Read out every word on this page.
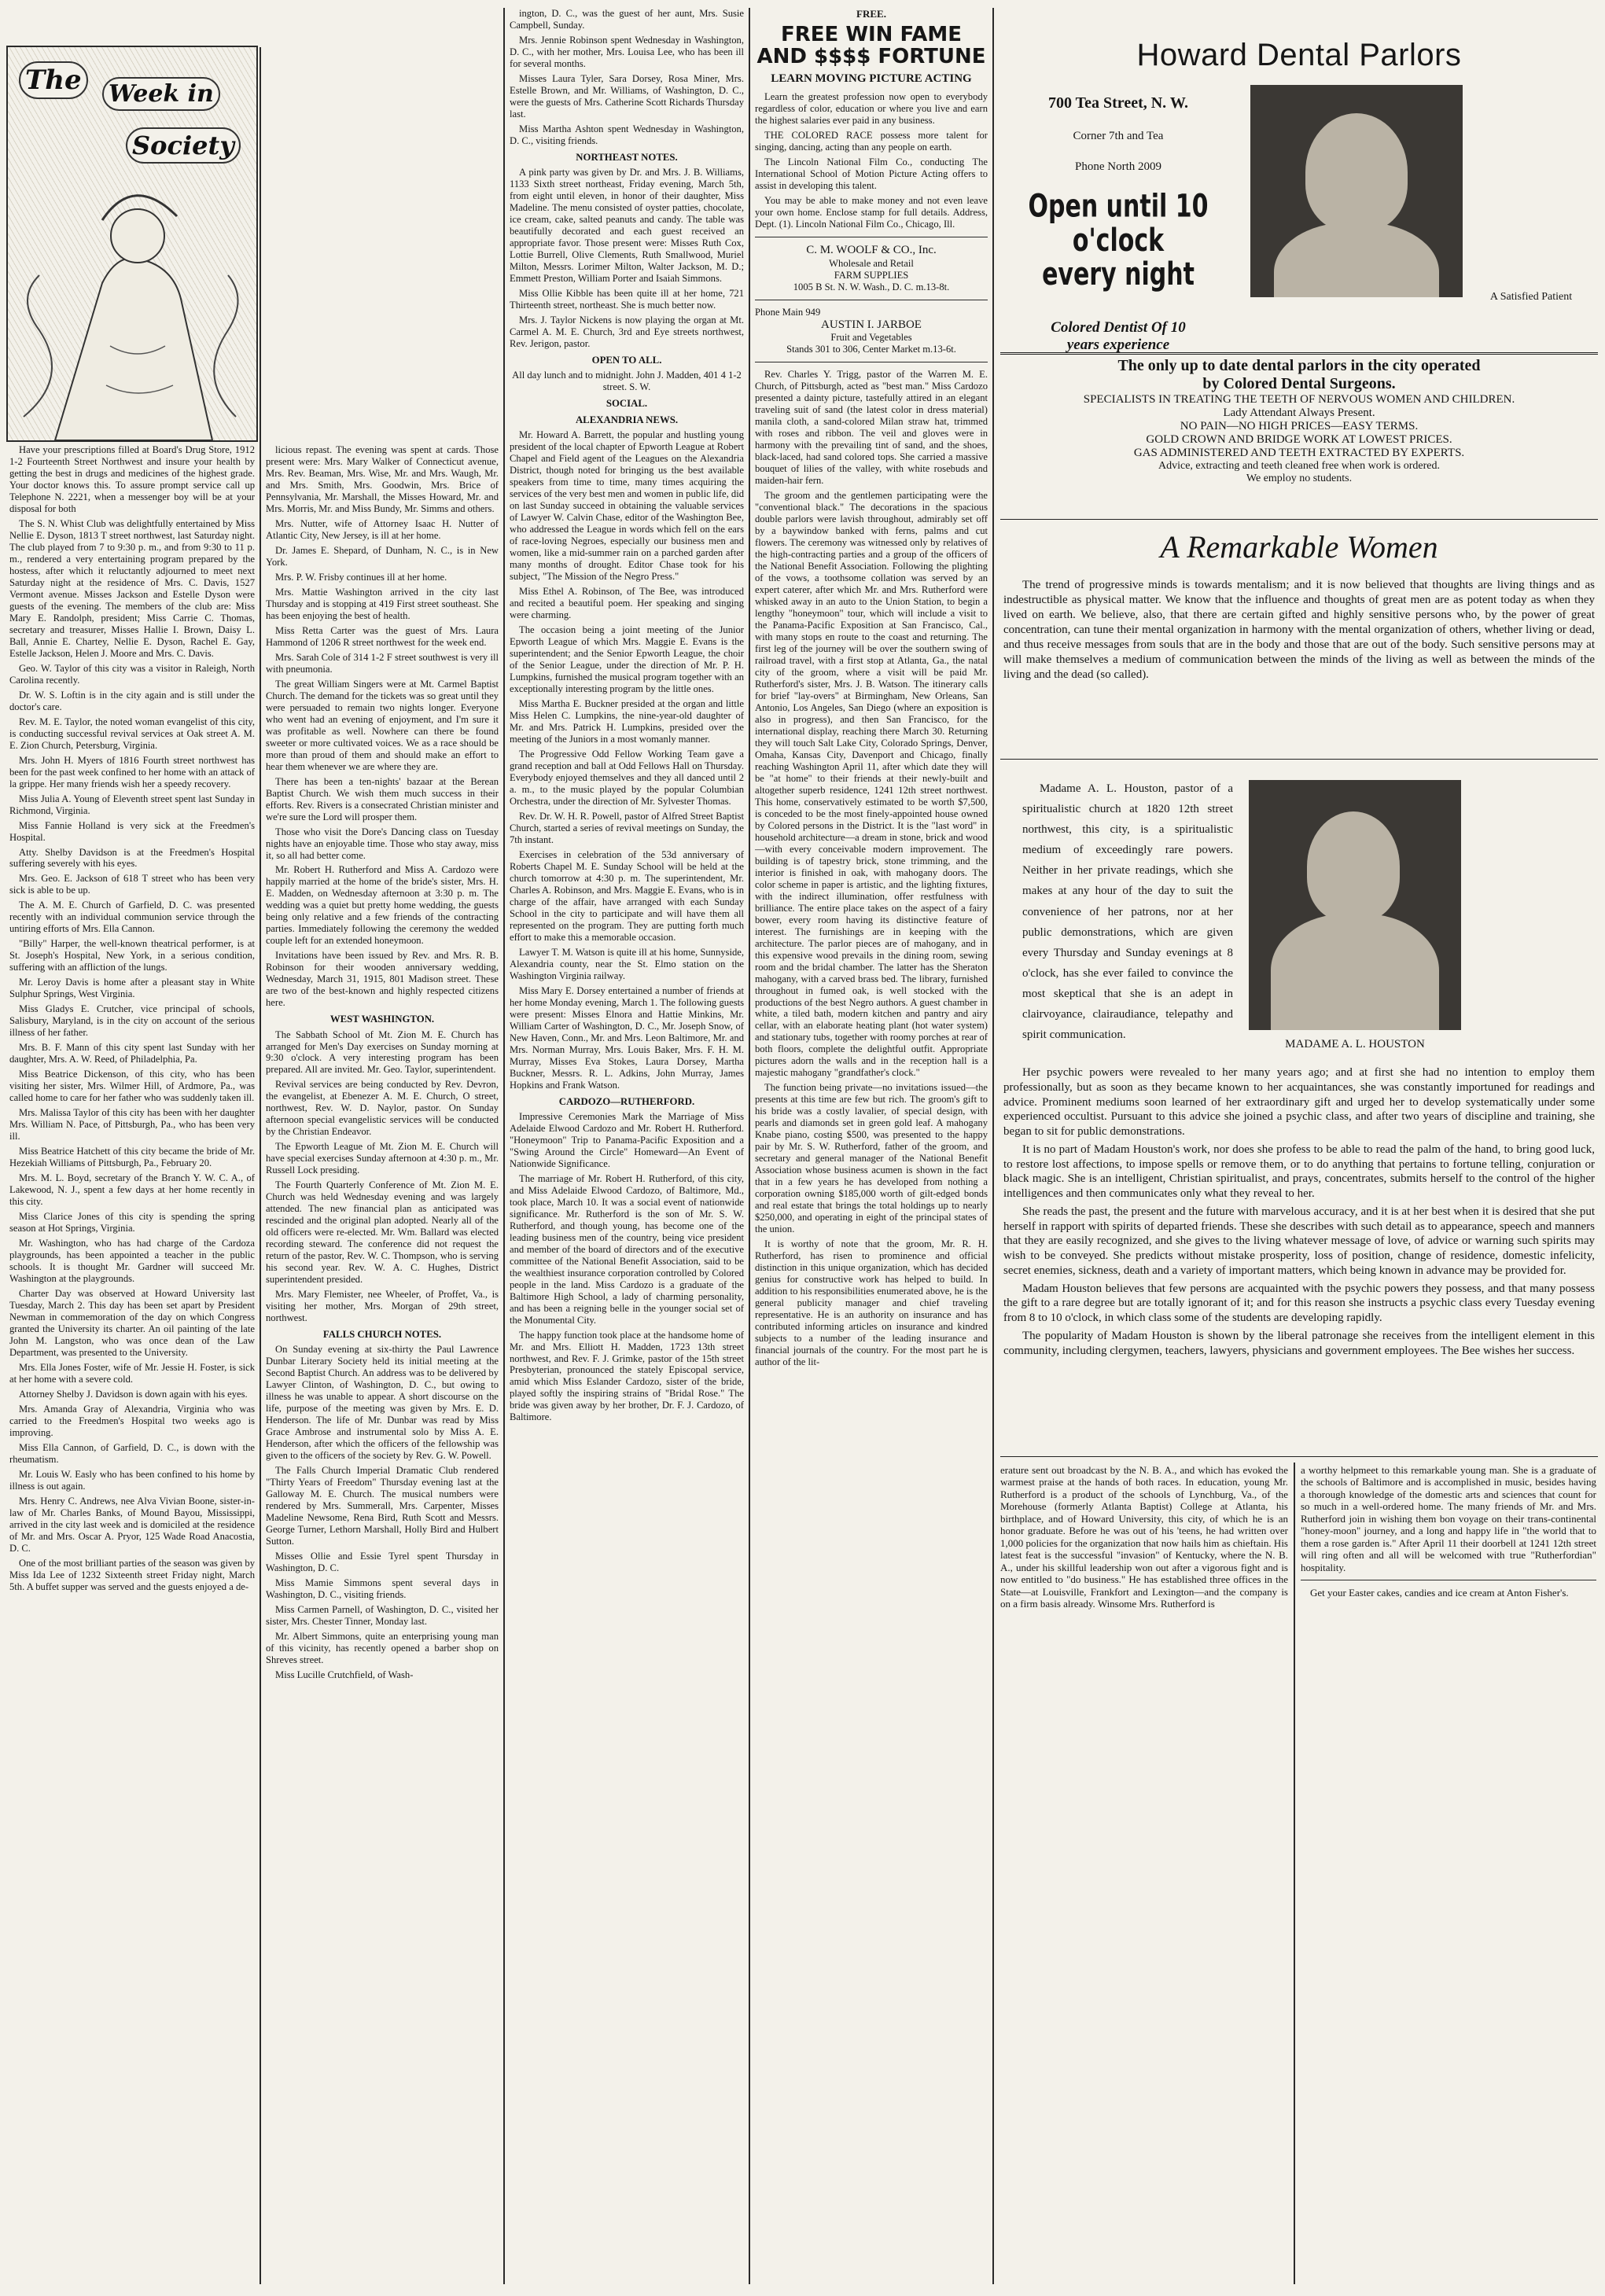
The Week in
Society

Have your prescriptions filled at Board's Drug Store, 1912 1-2 Fourteenth Street Northwest and insure your health by getting the best in drugs and medicines of the highest grade. Your doctor knows this. To assure prompt service call up Telephone N. 2221, when a messenger boy will be at your disposal for both

The S. N. Whist Club was delightfully entertained by Miss Nellie E. Dyson, 1813 T street northwest, last Saturday night. The club played from 7 to 9:30 p. m., and from 9:30 to 11 p. m., rendered a very entertaining program prepared by the hostess, after which it reluctantly adjourned to meet next Saturday night at the residence of Mrs. C. Davis, 1527 Vermont avenue. Misses Jackson and Estelle Dyson were guests of the evening. The members of the club are: Miss Mary E. Randolph, president; Miss Carrie C. Thomas, secretary and treasurer, Misses Hallie I. Brown, Daisy L. Ball, Annie E. Chartey, Nellie E. Dyson, Rachel E. Gay, Estelle Jackson, Helen J. Moore and Mrs. C. Davis.

Geo. W. Taylor of this city was a visitor in Raleigh, North Carolina recently.

Dr. W. S. Loftin is in the city again and is still under the doctor's care.

Rev. M. E. Taylor, the noted woman evangelist of this city, is conducting successful revival services at Oak street A. M. E. Zion Church, Petersburg, Virginia.

Mrs. John H. Myers of 1816 Fourth street northwest has been for the past week confined to her home with an attack of la grippe. Her many friends wish her a speedy recovery.

Miss Julia A. Young of Eleventh street spent last Sunday in Richmond, Virginia.

Miss Fannie Holland is very sick at the Freedmen's Hospital.

Atty. Shelby Davidson is at the Freedmen's Hospital suffering severely with his eyes.

Mrs. Geo. E. Jackson of 618 T street who has been very sick is able to be up.

The A. M. E. Church of Garfield, D. C. was presented recently with an individual communion service through the untiring efforts of Mrs. Ella Cannon.

"Billy" Harper, the well-known theatrical performer, is at St. Joseph's Hospital, New York, in a serious condition, suffering with an affliction of the lungs.

Mr. Leroy Davis is home after a pleasant stay in White Sulphur Springs, West Virginia.

Miss Gladys E. Crutcher, vice principal of schools, Salisbury, Maryland, is in the city on account of the serious illness of her father.

Mrs. B. F. Mann of this city spent last Sunday with her daughter, Mrs. A. W. Reed, of Philadelphia, Pa.

Miss Beatrice Dickenson, of this city, who has been visiting her sister, Mrs. Wilmer Hill, of Ardmore, Pa., was called home to care for her father who was suddenly taken ill.

Mrs. Malissa Taylor of this city has been with her daughter Mrs. William N. Pace, of Pittsburgh, Pa., who has been very ill.

Miss Beatrice Hatchett of this city became the bride of Mr. Hezekiah Williams of Pittsburgh, Pa., February 20.

Mrs. M. L. Boyd, secretary of the Branch Y. W. C. A., of Lakewood, N. J., spent a few days at her home recently in this city.

Miss Clarice Jones of this city is spending the spring season at Hot Springs, Virginia.

Mr. Washington, who has had charge of the Cardoza playgrounds, has been appointed a teacher in the public schools. It is thought Mr. Gardner will succeed Mr. Washington at the playgrounds.

Charter Day was observed at Howard University last Tuesday, March 2. This day has been set apart by President Newman in commemoration of the day on which Congress granted the University its charter. An oil painting of the late John M. Langston, who was once dean of the Law Department, was presented to the University.

Mrs. Ella Jones Foster, wife of Mr. Jessie H. Foster, is sick at her home with a severe cold.

Attorney Shelby J. Davidson is down again with his eyes.

Mrs. Amanda Gray of Alexandria, Virginia who was carried to the Freedmen's Hospital two weeks ago is improving.

Miss Ella Cannon, of Garfield, D. C., is down with the rheumatism.

Mr. Louis W. Easly who has been confined to his home by illness is out again.

Mrs. Henry C. Andrews, nee Alva Vivian Boone, sister-in-law of Mr. Charles Banks, of Mound Bayou, Mississippi, arrived in the city last week and is domiciled at the residence of Mr. and Mrs. Oscar A. Pryor, 125 Wade Road Anacostia, D. C.

One of the most brilliant parties of the season was given by Miss Ida Lee of 1232 Sixteenth street Friday night, March 5th. A buffet supper was served and the guests enjoyed a de-

licious repast. The evening was spent at cards. Those present were: Mrs. Mary Walker of Connecticut avenue, Mrs. Rev. Beaman, Mrs. Wise, Mr. and Mrs. Waugh, Mr. and Mrs. Smith, Mrs. Goodwin, Mrs. Brice of Pennsylvania, Mr. Marshall, the Misses Howard, Mr. and Mrs. Morris, Mr. and Miss Bundy, Mr. Simms and others.

Mrs. Nutter, wife of Attorney Isaac H. Nutter of Atlantic City, New Jersey, is ill at her home.

Dr. James E. Shepard, of Dunham, N. C., is in New York.

Mrs. P. W. Frisby continues ill at her home.

Mrs. Mattie Washington arrived in the city last Thursday and is stopping at 419 First street southeast. She has been enjoying the best of health.

Miss Retta Carter was the guest of Mrs. Laura Hammond of 1206 R street northwest for the week end.

Mrs. Sarah Cole of 314 1-2 F street southwest is very ill with pneumonia.

The great William Singers were at Mt. Carmel Baptist Church. The demand for the tickets was so great until they were persuaded to remain two nights longer. Everyone who went had an evening of enjoyment, and I'm sure it was profitable as well. Nowhere can there be found sweeter or more cultivated voices. We as a race should be more than proud of them and should make an effort to hear them whenever we are where they are.

There has been a ten-nights' bazaar at the Berean Baptist Church. We wish them much success in their efforts. Rev. Rivers is a consecrated Christian minister and we're sure the Lord will prosper them.

Those who visit the Dore's Dancing class on Tuesday nights have an enjoyable time. Those who stay away, miss it, so all had better come.

Mr. Robert H. Rutherford and Miss A. Cardozo were happily married at the home of the bride's sister, Mrs. H. E. Madden, on Wednesday afternoon at 3:30 p. m. The wedding was a quiet but pretty home wedding, the guests being only relative and a few friends of the contracting parties. Immediately following the ceremony the wedded couple left for an extended honeymoon.

Invitations have been issued by Rev. and Mrs. R. B. Robinson for their wooden anniversary wedding, Wednesday, March 31, 1915, 801 Madison street. These are two of the best-known and highly respected citizens here.

WEST WASHINGTON.

The Sabbath School of Mt. Zion M. E. Church has arranged for Men's Day exercises on Sunday morning at 9:30 o'clock. A very interesting program has been prepared. All are invited. Mr. Geo. Taylor, superintendent.

Revival services are being conducted by Rev. Devron, the evangelist, at Ebenezer A. M. E. Church, O street, northwest, Rev. W. D. Naylor, pastor. On Sunday afternoon special evangelistic services will be conducted by the Christian Endeavor.

The Epworth League of Mt. Zion M. E. Church will have special exercises Sunday afternoon at 4:30 p. m., Mr. Russell Lock presiding.

The Fourth Quarterly Conference of Mt. Zion M. E. Church was held Wednesday evening and was largely attended. The new financial plan as anticipated was rescinded and the original plan adopted. Nearly all of the old officers were re-elected. Mr. Wm. Ballard was elected recording steward. The conference did not request the return of the pastor, Rev. W. C. Thompson, who is serving his second year. Rev. W. A. C. Hughes, District superintendent presided.

Mrs. Mary Flemister, nee Wheeler, of Proffet, Va., is visiting her mother, Mrs. Morgan of 29th street, northwest.

FALLS CHURCH NOTES.

On Sunday evening at six-thirty the Paul Lawrence Dunbar Literary Society held its initial meeting at the Second Baptist Church. An address was to be delivered by Lawyer Clinton, of Washington, D. C., but owing to illness he was unable to appear. A short discourse on the life, purpose of the meeting was given by Mrs. E. D. Henderson. The life of Mr. Dunbar was read by Miss Grace Ambrose and instrumental solo by Miss A. E. Henderson, after which the officers of the fellowship was given to the officers of the society by Rev. G. W. Powell.

The Falls Church Imperial Dramatic Club rendered "Thirty Years of Freedom" Thursday evening last at the Galloway M. E. Church. The musical numbers were rendered by Mrs. Summerall, Mrs. Carpenter, Misses Madeline Newsome, Rena Bird, Ruth Scott and Messrs. George Turner, Lethorn Marshall, Holly Bird and Hulbert Sutton.

Misses Ollie and Essie Tyrel spent Thursday in Washington, D. C.

Miss Mamie Simmons spent several days in Washington, D. C., visiting friends.

Miss Carmen Parnell, of Washington, D. C., visited her sister, Mrs. Chester Tinner, Monday last.

Mr. Albert Simmons, quite an enterprising young man of this vicinity, has recently opened a barber shop on Shreves street.

Miss Lucille Crutchfield, of Wash-

ington, D. C., was the guest of her aunt, Mrs. Susie Campbell, Sunday.

Mrs. Jennie Robinson spent Wednesday in Washington, D. C., with her mother, Mrs. Louisa Lee, who has been ill for several months.

Misses Laura Tyler, Sara Dorsey, Rosa Miner, Mrs. Estelle Brown, and Mr. Williams, of Washington, D. C., were the guests of Mrs. Catherine Scott Richards Thursday last.

Miss Martha Ashton spent Wednesday in Washington, D. C., visiting friends.

NORTHEAST NOTES.

A pink party was given by Dr. and Mrs. J. B. Williams, 1133 Sixth street northeast, Friday evening, March 5th, from eight until eleven, in honor of their daughter, Miss Madeline. The menu consisted of oyster patties, chocolate, ice cream, cake, salted peanuts and candy. The table was beautifully decorated and each guest received an appropriate favor. Those present were: Misses Ruth Cox, Lottie Burrell, Olive Clements, Ruth Smallwood, Muriel Milton, Messrs. Lorimer Milton, Walter Jackson, M. D.; Emmett Preston, William Porter and Isaiah Simmons.

Miss Ollie Kibble has been quite ill at her home, 721 Thirteenth street, northeast. She is much better now.

Mrs. J. Taylor Nickens is now playing the organ at Mt. Carmel A. M. E. Church, 3rd and Eye streets northwest, Rev. Jerigon, pastor.

OPEN TO ALL.

All day lunch and to midnight. John J. Madden, 401 4 1-2 street. S. W.

SOCIAL.
ALEXANDRIA NEWS.

Mr. Howard A. Barrett, the popular and hustling young president of the local chapter of Epworth League at Robert Chapel and Field agent of the Leagues on the Alexandria District, though noted for bringing us the best available speakers from time to time, many times acquiring the services of the very best men and women in public life, did on last Sunday succeed in obtaining the valuable services of Lawyer W. Calvin Chase, editor of the Washington Bee, who addressed the League in words which fell on the ears of race-loving Negroes, especially our business men and women, like a mid-summer rain on a parched garden after many months of drought. Editor Chase took for his subject, "The Mission of the Negro Press."

Miss Ethel A. Robinson, of The Bee, was introduced and recited a beautiful poem. Her speaking and singing were charming.

The occasion being a joint meeting of the Junior Epworth League of which Mrs. Maggie E. Evans is the superintendent; and the Senior Epworth League, the choir of the Senior League, under the direction of Mr. P. H. Lumpkins, furnished the musical program together with an exceptionally interesting program by the little ones.

Miss Martha E. Buckner presided at the organ and little Miss Helen C. Lumpkins, the nine-year-old daughter of Mr. and Mrs. Patrick H. Lumpkins, presided over the meeting of the Juniors in a most womanly manner.

The Progressive Odd Fellow Working Team gave a grand reception and ball at Odd Fellows Hall on Thursday. Everybody enjoyed themselves and they all danced until 2 a. m., to the music played by the popular Columbian Orchestra, under the direction of Mr. Sylvester Thomas.

Rev. Dr. W. H. R. Powell, pastor of Alfred Street Baptist Church, started a series of revival meetings on Sunday, the 7th instant.

Exercises in celebration of the 53d anniversary of Roberts Chapel M. E. Sunday School will be held at the church tomorrow at 4:30 p. m. The superintendent, Mr. Charles A. Robinson, and Mrs. Maggie E. Evans, who is in charge of the affair, have arranged with each Sunday School in the city to participate and will have them all represented on the program. They are putting forth much effort to make this a memorable occasion.

Lawyer T. M. Watson is quite ill at his home, Sunnyside, Alexandria county, near the St. Elmo station on the Washington Virginia railway.

Miss Mary E. Dorsey entertained a number of friends at her home Monday evening, March 1. The following guests were present: Misses Elnora and Hattie Minkins, Mr. William Carter of Washington, D. C., Mr. Joseph Snow, of New Haven, Conn., Mr. and Mrs. Leon Baltimore, Mr. and Mrs. Norman Murray, Mrs. Louis Baker, Mrs. F. H. M. Murray, Misses Eva Stokes, Laura Dorsey, Martha Buckner, Messrs. R. L. Adkins, John Murray, James Hopkins and Frank Watson.

CARDOZO—RUTHERFORD.

Impressive Ceremonies Mark the Marriage of Miss Adelaide Elwood Cardozo and Mr. Robert H. Rutherford. "Honeymoon" Trip to Panama-Pacific Exposition and a "Swing Around the Circle" Homeward—An Event of Nationwide Significance.

The marriage of Mr. Robert H. Rutherford, of this city, and Miss Adelaide Elwood Cardozo, of Baltimore, Md., took place, March 10. It was a social event of nationwide significance. Mr. Rutherford is the son of Mr. S. W. Rutherford, and though young, has become one of the leading business men of the country, being vice president and member of the board of directors and of the executive committee of the National Benefit Association, said to be the wealthiest insurance corporation controlled by Colored people in the land. Miss Cardozo is a graduate of the Baltimore High School, a lady of charming personality, and has been a reigning belle in the younger social set of the Monumental City.

The happy function took place at the handsome home of Mr. and Mrs. Elliott H. Madden, 1723 13th street northwest, and Rev. F. J. Grimke, pastor of the 15th street Presbyterian, pronounced the stately Episcopal service, amid which Miss Eslander Cardozo, sister of the bride, played softly the inspiring strains of "Bridal Rose." The bride was given away by her brother, Dr. F. J. Cardozo, of Baltimore.

FREE.
FREE WIN FAME AND $$$$ FORTUNE
LEARN MOVING PICTURE ACTING

Learn the greatest profession now open to everybody regardless of color, education or where you live and earn the highest salaries ever paid in any business.

THE COLORED RACE possess more talent for singing, dancing, acting than any people on earth.

The Lincoln National Film Co., conducting The International School of Motion Picture Acting offers to assist in developing this talent.

You may be able to make money and not even leave your own home. Enclose stamp for full details. Address, Dept. (1). Lincoln National Film Co., Chicago, Ill.

C. M. WOOLF & CO., Inc.
Wholesale and Retail
FARM SUPPLIES
1005 B St. N. W. Wash., D. C. m.13-8t.
Phone Main 949
AUSTIN I. JARBOE
Fruit and Vegetables
Stands 301 to 306, Center Market m.13-6t.

Rev. Charles Y. Trigg, pastor of the Warren M. E. Church, of Pittsburgh, acted as "best man." Miss Cardozo presented a dainty picture, tastefully attired in an elegant traveling suit of sand (the latest color in dress material) manila cloth, a sand-colored Milan straw hat, trimmed with roses and ribbon. The veil and gloves were in harmony with the prevailing tint of sand, and the shoes, black-laced, had sand colored tops. She carried a massive bouquet of lilies of the valley, with white rosebuds and maiden-hair fern.

The groom and the gentlemen participating were the "conventional black." The decorations in the spacious double parlors were lavish throughout, admirably set off by a baywindow banked with ferns, palms and cut flowers. The ceremony was witnessed only by relatives of the high-contracting parties and a group of the officers of the National Benefit Association. Following the plighting of the vows, a toothsome collation was served by an expert caterer, after which Mr. and Mrs. Rutherford were whisked away in an auto to the Union Station, to begin a lengthy "honeymoon" tour, which will include a visit to the Panama-Pacific Exposition at San Francisco, Cal., with many stops en route to the coast and returning. The first leg of the journey will be over the southern swing of railroad travel, with a first stop at Atlanta, Ga., the natal city of the groom, where a visit will be paid Mr. Rutherford's sister, Mrs. J. B. Watson. The itinerary calls for brief "lay-overs" at Birmingham, New Orleans, San Antonio, Los Angeles, San Diego (where an exposition is also in progress), and then San Francisco, for the international display, reaching there March 30. Returning they will touch Salt Lake City, Colorado Springs, Denver, Omaha, Kansas City, Davenport and Chicago, finally reaching Washington April 11, after which date they will be "at home" to their friends at their newly-built and altogether superb residence, 1241 12th street northwest. This home, conservatively estimated to be worth $7,500, is conceded to be the most finely-appointed house owned by Colored persons in the District. It is the "last word" in household architecture—a dream in stone, brick and wood—with every conceivable modern improvement. The building is of tapestry brick, stone trimming, and the interior is finished in oak, with mahogany doors. The color scheme in paper is artistic, and the lighting fixtures, with the indirect illumination, offer restfulness with brilliance. The entire place takes on the aspect of a fairy bower, every room having its distinctive feature of interest. The furnishings are in keeping with the architecture. The parlor pieces are of mahogany, and in this expensive wood prevails in the dining room, sewing room and the bridal chamber. The latter has the Sheraton mahogany, with a carved brass bed. The library, furnished throughout in fumed oak, is well stocked with the productions of the best Negro authors. A guest chamber in white, a tiled bath, modern kitchen and pantry and airy cellar, with an elaborate heating plant (hot water system) and stationary tubs, together with roomy porches at rear of both floors, complete the delightful outfit. Appropriate pictures adorn the walls and in the reception hall is a majestic mahogany "grandfather's clock."

The function being private—no invitations issued—the presents at this time are few but rich. The groom's gift to his bride was a costly lavalier, of special design, with pearls and diamonds set in green gold leaf. A mahogany Knabe piano, costing $500, was presented to the happy pair by Mr. S. W. Rutherford, father of the groom, and secretary and general manager of the National Benefit Association whose business acumen is shown in the fact that in a few years he has developed from nothing a corporation owning $185,000 worth of gilt-edged bonds and real estate that brings the total holdings up to nearly $250,000, and operating in eight of the principal states of the union.

It is worthy of note that the groom, Mr. R. H. Rutherford, has risen to prominence and official distinction in this unique organization, which has decided genius for constructive work has helped to build. In addition to his responsibilities enumerated above, he is the general publicity manager and chief traveling representative. He is an authority on insurance and has contributed informing articles on insurance and kindred subjects to a number of the leading insurance and financial journals of the country. For the most part he is author of the lit-

Howard Dental Parlors
700 Tea Street, N. W.
Corner 7th and Tea
Phone North 2009
Open until 10 o'clock
every night
Colored Dentist Of 10
years experience
A Satisfied Patient
The only up to date dental parlors in the city operated
by Colored Dental Surgeons.
SPECIALISTS IN TREATING THE TEETH OF NERVOUS WOMEN AND CHILDREN.
Lady Attendant Always Present.
NO PAIN—NO HIGH PRICES—EASY TERMS.
GOLD CROWN AND BRIDGE WORK AT LOWEST PRICES.
GAS ADMINISTERED AND TEETH EXTRACTED BY EXPERTS.
Advice, extracting and teeth cleaned free when work is ordered.
We employ no students.
A Remarkable Women
The trend of progressive minds is towards mentalism; and it is now believed that thoughts are living things and as indestructible as physical matter. We know that the influence and thoughts of great men are as potent today as when they lived on earth. We believe, also, that there are certain gifted and highly sensitive persons who, by the power of great concentration, can tune their mental organization in harmony with the mental organization of others, whether living or dead, and thus receive messages from souls that are in the body and those that are out of the body. Such sensitive persons may at will make themselves a medium of communication between the minds of the living as well as between the minds of the living and the dead (so called).
Madame A. L. Houston, pastor of a spiritualistic church at 1820 12th street northwest, this city, is a spiritualistic medium of exceedingly rare powers. Neither in her private readings, which she makes at any hour of the day to suit the convenience of her patrons, nor at her public demonstrations, which are given every Thursday and Sunday evenings at 8 o'clock, has she ever failed to convince the most skeptical that she is an adept in clairvoyance, clairaudiance, telepathy and spirit communication.
MADAME A. L. HOUSTON

Her psychic powers were revealed to her many years ago; and at first she had no intention to employ them professionally, but as soon as they became known to her acquaintances, she was constantly importuned for readings and advice. Prominent mediums soon learned of her extraordinary gift and urged her to develop systematically under some experienced occultist. Pursuant to this advice she joined a psychic class, and after two years of discipline and training, she began to sit for public demonstrations.

It is no part of Madam Houston's work, nor does she profess to be able to read the palm of the hand, to bring good luck, to restore lost affections, to impose spells or remove them, or to do anything that pertains to fortune telling, conjuration or black magic. She is an intelligent, Christian spiritualist, and prays, concentrates, submits herself to the control of the higher intelligences and then communicates only what they reveal to her.

She reads the past, the present and the future with marvelous accuracy, and it is at her best when it is desired that she put herself in rapport with spirits of departed friends. These she describes with such detail as to appearance, speech and manners that they are easily recognized, and she gives to the living whatever message of love, of advice or warning such spirits may wish to be conveyed. She predicts without mistake prosperity, loss of position, change of residence, domestic infelicity, secret enemies, sickness, death and a variety of important matters, which being known in advance may be provided for.

Madam Houston believes that few persons are acquainted with the psychic powers they possess, and that many possess the gift to a rare degree but are totally ignorant of it; and for this reason she instructs a psychic class every Tuesday evening from 8 to 10 o'clock, in which class some of the students are developing rapidly.

The popularity of Madam Houston is shown by the liberal patronage she receives from the intelligent element in this community, including clergymen, teachers, lawyers, physicians and government employees. The Bee wishes her success.

erature sent out broadcast by the N. B. A., and which has evoked the warmest praise at the hands of both races. In education, young Mr. Rutherford is a product of the schools of Lynchburg, Va., of the Morehouse (formerly Atlanta Baptist) College at Atlanta, his birthplace, and of Howard University, this city, of which he is an honor graduate. Before he was out of his 'teens, he had written over 1,000 policies for the organization that now hails him as chieftain. His latest feat is the successful "invasion" of Kentucky, where the N. B. A., under his skillful leadership won out after a vigorous fight and is now entitled to "do business." He has established three offices in the State—at Louisville, Frankfort and Lexington—and the company is on a firm basis already. Winsome Mrs. Rutherford is

a worthy helpmeet to this remarkable young man. She is a graduate of the schools of Baltimore and is accomplished in music, besides having a thorough knowledge of the domestic arts and sciences that count for so much in a well-ordered home. The many friends of Mr. and Mrs. Rutherford join in wishing them bon voyage on their trans-continental "honey-moon" journey, and a long and happy life in "the world that to them a rose garden is." After April 11 their doorbell at 1241 12th street will ring often and all will be welcomed with true "Rutherfordian" hospitality.

Get your Easter cakes, candies and ice cream at Anton Fisher's.
